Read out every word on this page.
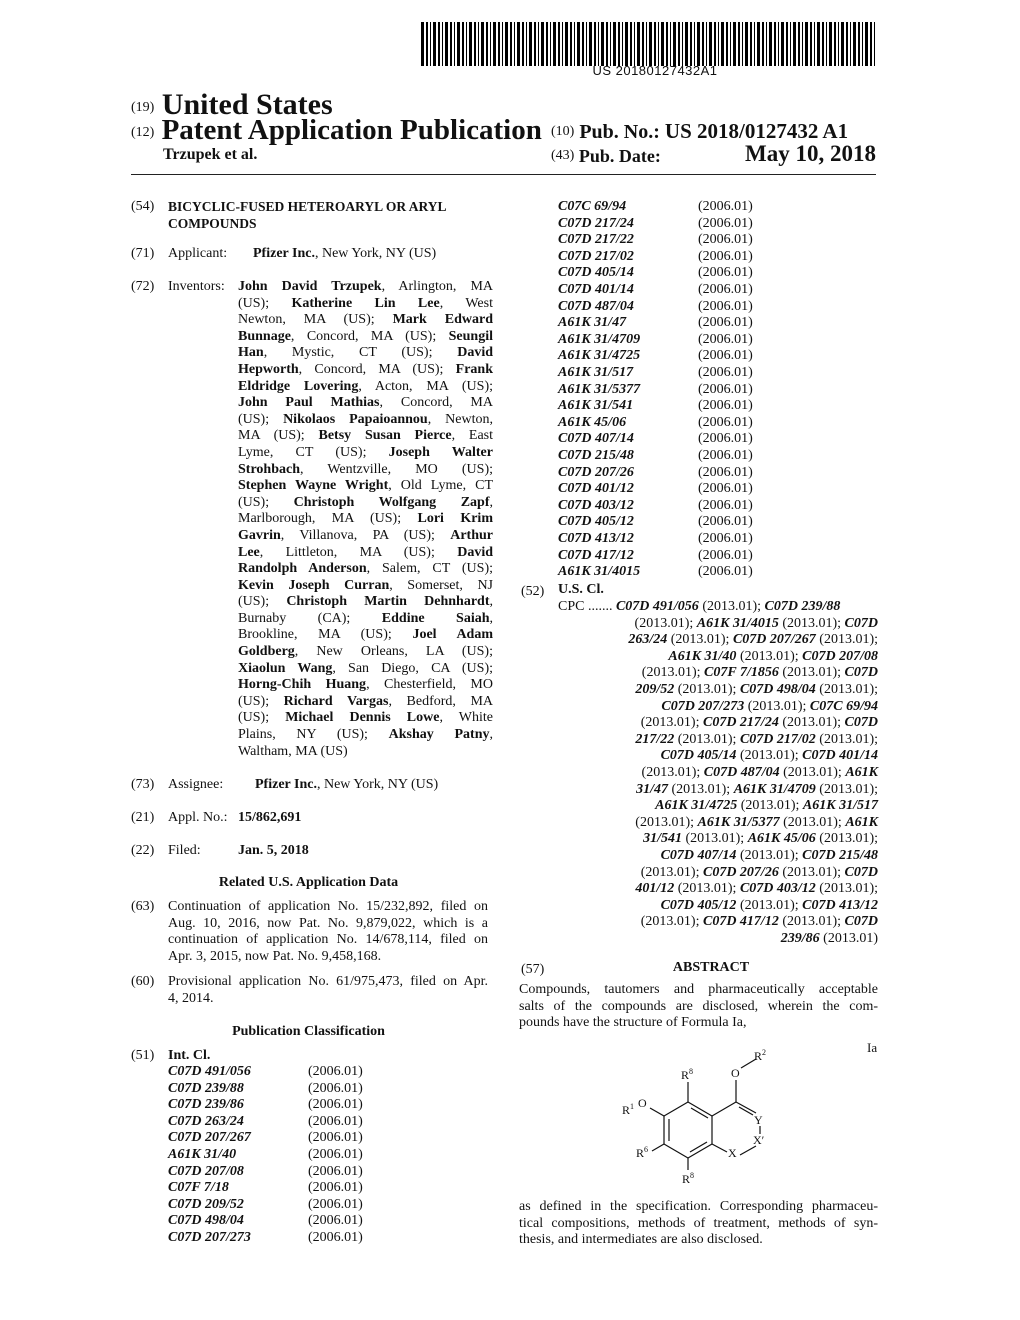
US 20180127432A1
(19) United States
(12) Patent Application Publication
Trzupek et al.
(10) Pub. No.: US 2018/0127432 A1
(43) Pub. Date:	May 10, 2018
(54) BICYCLIC-FUSED HETEROARYL OR ARYL
COMPOUNDS
(71) Applicant: Pfizer Inc., New York, NY (US)
(72) Inventors: John David Trzupek, Arlington, MA
(US); Katherine Lin Lee, West
Newton, MA (US); Mark Edward
Bunnage, Concord, MA (US); Seungil
Han, Mystic, CT (US); David
Hepworth, Concord, MA (US); Frank
Eldridge Lovering, Acton, MA (US);
John Paul Mathias, Concord, MA
(US); Nikolaos Papaioannou, Newton,
MA (US); Betsy Susan Pierce, East
Lyme, CT (US); Joseph Walter
Strohbach, Wentzville, MO (US);
Stephen Wayne Wright, Old Lyme, CT
(US); Christoph Wolfgang Zapf,
Marlborough, MA (US); Lori Krim
Gavrin, Villanova, PA (US); Arthur
Lee, Littleton, MA (US); David
Randolph Anderson, Salem, CT (US);
Kevin Joseph Curran, Somerset, NJ
(US); Christoph Martin Dehnhardt,
Burnaby (CA); Eddine Saiah,
Brookline, MA (US); Joel Adam
Goldberg, New Orleans, LA (US);
Xiaolun Wang, San Diego, CA (US);
Horng-Chih Huang, Chesterfield, MO
(US); Richard Vargas, Bedford, MA
(US); Michael Dennis Lowe, White
Plains, NY (US); Akshay Patny,
Waltham, MA (US)
(73) Assignee: Pfizer Inc., New York, NY (US)
(21) Appl. No.: 15/862,691
(22) Filed:	Jan. 5, 2018
Related U.S. Application Data
(63) Continuation of application No. 15/232,892, filed on
Aug. 10, 2016, now Pat. No. 9,879,022, which is a
continuation of application No. 14/678,114, filed on
Apr. 3, 2015, now Pat. No. 9,458,168.
(60) Provisional application No. 61/975,473, filed on Apr.
4, 2014.
Publication Classification
(51) Int. Cl.
C07D 491/056	(2006.01)
C07D 239/88	(2006.01)
C07D 239/86	(2006.01)
C07D 263/24	(2006.01)
C07D 207/267	(2006.01)
A61K 31/40	(2006.01)
C07D 207/08	(2006.01)
C07F 7/18	(2006.01)
C07D 209/52	(2006.01)
C07D 498/04	(2006.01)
C07D 207/273	(2006.01)
C07C 69/94	(2006.01)
C07D 217/24	(2006.01)
C07D 217/22	(2006.01)
C07D 217/02	(2006.01)
C07D 405/14	(2006.01)
C07D 401/14	(2006.01)
C07D 487/04	(2006.01)
A61K 31/47	(2006.01)
A61K 31/4709	(2006.01)
A61K 31/4725	(2006.01)
A61K 31/517	(2006.01)
A61K 31/5377	(2006.01)
A61K 31/541	(2006.01)
A61K 45/06	(2006.01)
C07D 407/14	(2006.01)
C07D 215/48	(2006.01)
C07D 207/26	(2006.01)
C07D 401/12	(2006.01)
C07D 403/12	(2006.01)
C07D 405/12	(2006.01)
C07D 413/12	(2006.01)
C07D 417/12	(2006.01)
A61K 31/4015	(2006.01)
(52) U.S. Cl.
CPC ....... C07D 491/056 (2013.01); C07D 239/88
(2013.01); A61K 31/4015 (2013.01); C07D
263/24 (2013.01); C07D 207/267 (2013.01);
A61K 31/40 (2013.01); C07D 207/08
(2013.01); C07F 7/1856 (2013.01); C07D
209/52 (2013.01); C07D 498/04 (2013.01);
C07D 207/273 (2013.01); C07C 69/94
(2013.01); C07D 217/24 (2013.01); C07D
217/22 (2013.01); C07D 217/02 (2013.01);
C07D 405/14 (2013.01); C07D 401/14
(2013.01); C07D 487/04 (2013.01); A61K
31/47 (2013.01); A61K 31/4709 (2013.01);
A61K 31/4725 (2013.01); A61K 31/517
(2013.01); A61K 31/5377 (2013.01); A61K
31/541 (2013.01); A61K 45/06 (2013.01);
C07D 407/14 (2013.01); C07D 215/48
(2013.01); C07D 207/26 (2013.01); C07D
401/12 (2013.01); C07D 403/12 (2013.01);
C07D 405/12 (2013.01); C07D 413/12
(2013.01); C07D 417/12 (2013.01); C07D
239/86 (2013.01)
(57)	ABSTRACT
Compounds, tautomers and pharmaceutically acceptable
salts of the compounds are disclosed, wherein the com-
pounds have the structure of Formula Ia,
Ia
$R^8$	O
$R^2$
$R^1$ O
Y
X′
X
$R^6$
$R^8$
as defined in the specification. Corresponding pharmaceu-
tical compositions, methods of treatment, methods of syn-
thesis, and intermediates are also disclosed.
